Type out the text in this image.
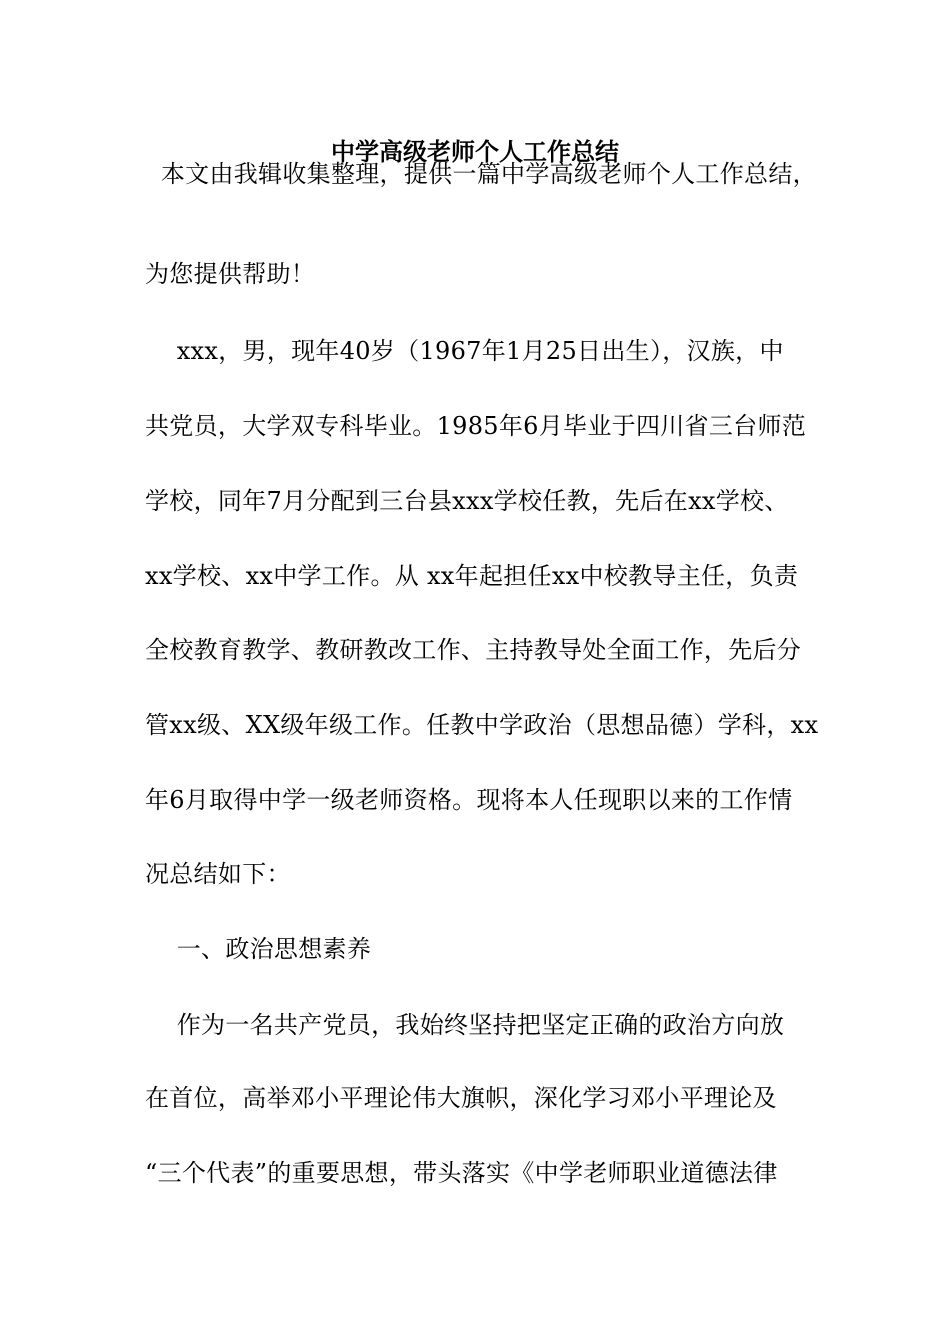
中学高级老师个人工作总结
本文由我辑收集整理，提供一篇中学高级老师个人工作总结，
为您提供帮助！
xxx，男，现年40岁（1967年1月25日出生），汉族，中
共党员，大学双专科毕业。1985年6月毕业于四川省三台师范
学校，同年7月分配到三台县xxx学校任教，先后在xx学校、
xx学校、xx中学工作。从 xx年起担任xx中校教导主任，负责
全校教育教学、教研教改工作、主持教导处全面工作，先后分
管xx级、XX级年级工作。任教中学政治（思想品德）学科，xx
年6月取得中学一级老师资格。现将本人任现职以来的工作情
况总结如下：
一、政治思想素养
作为一名共产党员，我始终坚持把坚定正确的政治方向放
在首位，高举邓小平理论伟大旗帜，深化学习邓小平理论及
“三个代表”的重要思想，带头落实《中学老师职业道德法律
